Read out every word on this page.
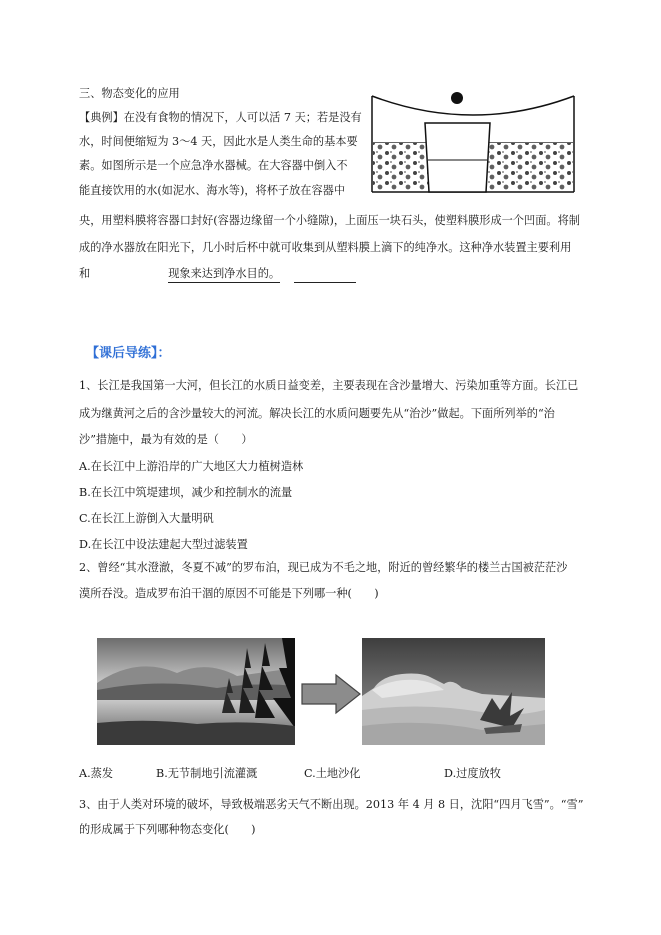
三、物态变化的应用
【典例】在没有食物的情况下，人可以活 7 天；若是没有
水，时间便缩短为 3～4 天，因此水是人类生命的基本要
素。如图所示是一个应急净水器械。在大容器中倒入不
能直接饮用的水(如泥水、海水等)，将杯子放在容器中
央，用塑料膜将容器口封好(容器边缘留一个小缝隙)，上面压一块石头，使塑料膜形成一个凹面。将制
成的净水器放在阳光下，几小时后杯中就可收集到从塑料膜上滴下的纯净水。这种净水装置主要利用
和	现象来达到净水目的。
【课后导练】：
1、长江是我国第一大河，但长江的水质日益变差，主要表现在含沙量增大、污染加重等方面。长江已
成为继黄河之后的含沙量较大的河流。解决长江的水质问题要先从“治沙”做起。下面所列举的“治
沙”措施中，最为有效的是（　　）
A.在长江中上游沿岸的广大地区大力植树造林
B.在长江中筑堤建坝，减少和控制水的流量
C.在长江上游倒入大量明矾
D.在长江中设法建起大型过滤装置
2、曾经“其水澄澈，冬夏不减”的罗布泊，现已成为不毛之地，附近的曾经繁华的楼兰古国被茫茫沙
漠所吞没。造成罗布泊干涸的原因不可能是下列哪一种(　　)
A.蒸发	B.无节制地引流灌溉	C.土地沙化	D.过度放牧
3、由于人类对环境的破坏，导致极端恶劣天气不断出现。2013 年 4 月 8 日，沈阳“四月飞雪”。“雪”
的形成属于下列哪种物态变化(　　)
